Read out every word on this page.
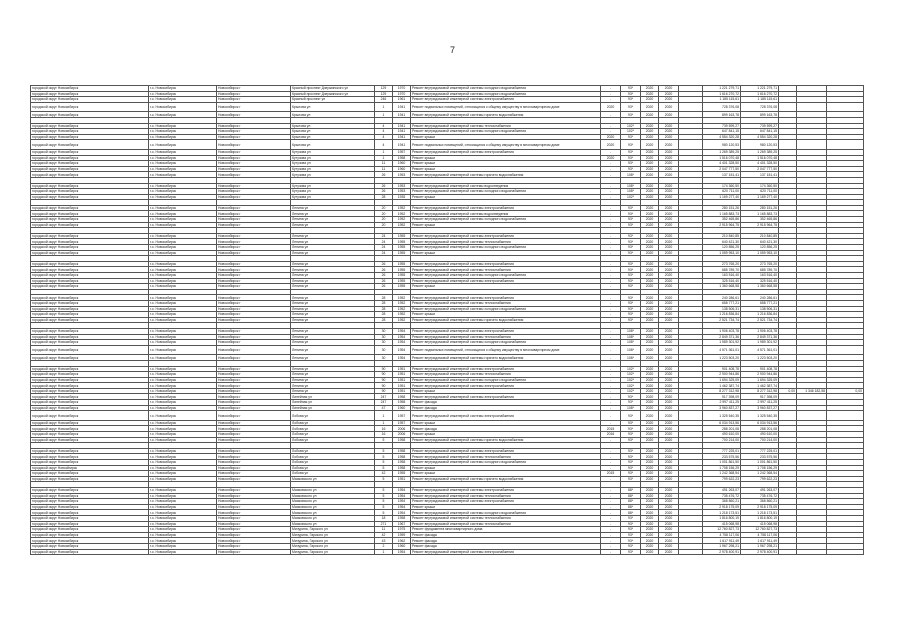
7
городской округ Новосибирск	г.о. Новосибирск	Новосибирск г	Красный проспект Дзержинского ул	129	1970	Ремонт внутридомовой инженерной системы холодного водоснабжения	-	93*	2020	2020		1 221 279,71	1 221 279,71			
городской округ Новосибирск	г.о. Новосибирск	Новосибирск г	Красный проспект Дзержинского ул	129	1970	Ремонт внутридомовой инженерной системы холодного водоснабжения	-	93*	2020	2020		1 616 270,72	1 616 270,72			
городской округ Новосибирск	г.о. Новосибирск	Новосибирск г	Красный проспект ул	246	1961	Ремонт внутридомовой инженерной системы электроснабжения	-	93*	2020	2020		1 185 115,61	1 185 115,61			
городской округ Новосибирск	г.о. Новосибирск	Новосибирск г	Крылова ул	1	1941	Ремонт подвальных помещений, относящихся к общему имуществу в многоквартирном доме	2020	93*	2020	2020		728 376,08	728 376,08			
городской округ Новосибирск	г.о. Новосибирск	Новосибирск г	Крылова ул	1	1941	Ремонт внутридомовой инженерной системы горячего водоснабжения	-	93*	2020	2020		899 163,78	899 163,78			

городской округ Новосибирск	г.о. Новосибирск	Новосибирск г	Крылова ул	4	1941	Ремонт внутридомовой инженерной системы теплоснабжения	-	102*	2020	2020		739 599,27	739 599,27			
городской округ Новосибирск	г.о. Новосибирск	Новосибирск г	Крылова ул	4	1941	Ремонт внутридомовой инженерной системы холодного водоснабжения	-	102*	2020	2020		647 841,15	647 841,15			
городской округ Новосибирск	г.о. Новосибирск	Новосибирск г	Крылова ул	4	1941	Ремонт крыши	2020	93*	2020	2020		4 554 320,28	4 554 320,28			
городской округ Новосибирск	г.о. Новосибирск	Новосибирск г	Крылова ул	4	1941	Ремонт подвальных помещений, относящихся к общему имуществу в многоквартирном доме	2020	93*	2020	2020		980 120,53	980 120,53			
городской округ Новосибирск	г.о. Новосибирск	Новосибирск г	Кутузова ул	1	1957	Ремонт внутридомовой инженерной системы электроснабжения	-	93*	2020	2020		1 269 389,25	1 269 389,25			
городской округ Новосибирск	г.о. Новосибирск	Новосибирск г	Кутузова ул	1	1958	Ремонт крыши	2020	93*	2020	2020		1 516 070,48	1 516 070,48			
городской округ Новосибирск	г.о. Новосибирск	Новосибирск г	Кутузова ул	11	1960	Ремонт крыши	-	93*	2020	2020		4 401 328,50	4 401 328,50			
городской округ Новосибирск	г.о. Новосибирск	Новосибирск г	Кутузова ул	11	1960	Ремонт крыши	-	93*	2020	2020		2 047 777,50	2 047 777,50			
городской округ Новосибирск	г.о. Новосибирск	Новосибирск г	Кутузова ул	26	1953	Ремонт внутридомовой инженерной системы горячего водоснабжения	-	108*	2020	2020		137 151,41	137 151,41			

городской округ Новосибирск	г.о. Новосибирск	Новосибирск г	Кутузова ул	26	1953	Ремонт внутридомовой инженерной системы водоотведения	-	108*	2020	2020		174 360,50	174 360,50			
городской округ Новосибирск	г.о. Новосибирск	Новосибирск г	Кутузова ул	26	1953	Ремонт внутридомовой инженерной системы холодного водоснабжения	-	108*	2020	2020		620 711,00	620 711,00			
городской округ Новосибирск	г.о. Новосибирск	Новосибирск г	Кутузова ул	28	1935	Ремонт крыши	-	102*	2020	2020		1 169 277,40	1 169 277,40			

городской округ Новосибирск	г.о. Новосибирск	Новосибирск г	Ленина ул	20	1952	Ремонт внутридомовой инженерной системы электроснабжения	-	93*	2020	2020		280 151,26	280 151,26			
городской округ Новосибирск	г.о. Новосибирск	Новосибирск г	Ленина ул	20	1952	Ремонт внутридомовой инженерной системы водоотведения	-	93*	2020	2020		1 165 883,73	1 165 883,73			
городской округ Новосибирск	г.о. Новосибирск	Новосибирск г	Ленина ул	20	1952	Ремонт внутридомовой инженерной системы холодного водоснабжения	-	93*	2020	2020		352 465,86	352 465,86			
городской округ Новосибирск	г.о. Новосибирск	Новосибирск г	Ленина ул	20	1952	Ремонт крыши	-	93*	2020	2020		2 915 964,75	2 915 964,75			

городской округ Новосибирск	г.о. Новосибирск	Новосибирск г	Ленина ул	24	1955	Ремонт внутридомовой инженерной системы электроснабжения	-	93*	2020	2020		210 840,85	210 840,85			
городской округ Новосибирск	г.о. Новосибирск	Новосибирск г	Ленина ул	24	1955	Ремонт внутридомовой инженерной системы теплоснабжения	-	93*	2020	2020		640 421,30	640 421,30			
городской округ Новосибирск	г.о. Новосибирск	Новосибирск г	Ленина ул	24	1955	Ремонт внутридомовой инженерной системы холодного водоснабжения	-	93*	2020	2020		120 856,25	120 856,25			
городской округ Новосибирск	г.о. Новосибирск	Новосибирск г	Ленина ул	24	1955	Ремонт крыши	-	93*	2020	2020		1 059 953,10	1 059 953,10			

городской округ Новосибирск	г.о. Новосибирск	Новосибирск г	Ленина ул	26	1955	Ремонт внутридомовой инженерной системы электроснабжения	-	93*	2020	2020		273 765,20	273 765,20			
городской округ Новосибирск	г.о. Новосибирск	Новосибирск г	Ленина ул	26	1955	Ремонт внутридомовой инженерной системы теплоснабжения	-	93*	2020	2020		685 789,70	685 789,70			
городской округ Новосибирск	г.о. Новосибирск	Новосибирск г	Ленина ул	26	1955	Ремонт внутридомовой инженерной системы холодного водоснабжения	-	93*	2020	2020		163 516,40	163 516,40			
городской округ Новосибирск	г.о. Новосибирск	Новосибирск г	Ленина ул	26	1955	Ремонт внутридомовой инженерной системы электроснабжения	-	93*	2020	2020		325 516,40	325 516,40			
городской округ Новосибирск	г.о. Новосибирск	Новосибирск г	Ленина ул	26	1955	Ремонт крыши	-	93*	2020	2020		1 360 668,58	1 360 668,58			

городской округ Новосибирск	г.о. Новосибирск	Новосибирск г	Ленина ул	28	1952	Ремонт внутридомовой инженерной системы электроснабжения	-	93*	2020	2020		240 286,61	240 286,61			
городской округ Новосибирск	г.о. Новосибирск	Новосибирск г	Ленина ул	28	1952	Ремонт внутридомовой инженерной системы теплоснабжения	-	93*	2020	2020		658 777,21	658 777,21			
городской округ Новосибирск	г.о. Новосибирск	Новосибирск г	Ленина ул	28	1952	Ремонт внутридомовой инженерной системы холодного водоснабжения	-	93*	2020	2020		138 506,31	138 506,31			
городской округ Новосибирск	г.о. Новосибирск	Новосибирск г	Ленина ул	28	1952	Ремонт крыши	-	93*	2020	2020		1 216 836,84	1 216 836,84			
городской округ Новосибирск	г.о. Новосибирск	Новосибирск г	Ленина ул	28	1952	Ремонт внутридомовой инженерной системы горячего водоснабжения	-	93*	2020	2020		2 521 734,74	2 521 734,74			

городской округ Новосибирск	г.о. Новосибирск	Новосибирск г	Ленина ул	30	1954	Ремонт внутридомовой инженерной системы электроснабжения	-	108*	2020	2020		1 906 403,78	1 906 403,78			
городской округ Новосибирск	г.о. Новосибирск	Новосибирск г	Ленина ул	30	1954	Ремонт внутридомовой инженерной системы теплоснабжения	-	108*	2020	2020		2 849 371,36	2 849 371,36			
городской округ Новосибирск	г.о. Новосибирск	Новосибирск г	Ленина ул	30	1954	Ремонт внутридомовой инженерной системы холодного водоснабжения	-	108*	2020	2020		1 989 301,92	1 989 301,92			
городской округ Новосибирск	г.о. Новосибирск	Новосибирск г	Ленина ул	30	1954	Ремонт подвальных помещений, относящихся к общему имуществу в многоквартирном доме	-	108*	2020	2020		4 571 361,01	4 571 361,01			
городской округ Новосибирск	г.о. Новосибирск	Новосибирск г	Ленина ул	30	1954	Ремонт внутридомовой инженерной системы горячего водоснабжения	-	108*	2020	2020		1 223 503,20	1 223 503,20			

городской округ Новосибирск	г.о. Новосибирск	Новосибирск г	Ленина ул	90	1951	Ремонт внутридомовой инженерной системы электроснабжения	-	102*	2020	2020		901 408,78	901 408,78			
городской округ Новосибирск	г.о. Новосибирск	Новосибирск г	Ленина ул	90	1951	Ремонт внутридомовой инженерной системы теплоснабжения	-	102*	2020	2020		2 900 944,86	2 900 944,86			
городской округ Новосибирск	г.о. Новосибирск	Новосибирск г	Ленина ул	90	1951	Ремонт внутридомовой инженерной системы холодного водоснабжения	-	102*	2020	2020		1 694 325,09	1 694 325,09			
городской округ Новосибирск	г.о. Новосибирск	Новосибирск г	Ленина ул	90	1951	Ремонт внутридомовой инженерной системы электроснабжения	-	102*	2020	2020		1 462 387,74	1 462 387,74			
городской округ Новосибирск	г.о. Новосибирск	Новосибирск г	Ленина ул	90	1951	Ремонт крыши	-	102*	2020	2020		8 277 312,98	8 277 312,98	0,00	1 346 182,58	0,00
городской округ Новосибирск	г.о. Новосибирск	Новосибирск г	Линейная ул	247	1958	Ремонт внутридомовой инженерной системы электроснабжения	-	93*	2020	2020		917 398,09	917 398,09			
городской округ Новосибирск	г.о. Новосибирск	Новосибирск г	Линейная ул	247	1958	Ремонт фасада	-	93*	2020	2020		2 997 411,25	2 997 411,25			
городской округ Новосибирск	г.о. Новосибирск	Новосибирск г	Линейная ул	47	1960	Ремонт фасада	-	108*	2020	2020		3 960 837,27	3 960 837,27			
городской округ Новосибирск	г.о. Новосибирск	Новосибирск г	Лобова ул	1	1957	Ремонт внутридомовой инженерной системы электроснабжения	-	93*	2020	2020		1 325 540,35	1 325 540,35			
городской округ Новосибирск	г.о. Новосибирск	Новосибирск г	Лобова ул	1	1957	Ремонт крыши	-	93*	2020	2020		6 034 913,56	6 034 913,56			
городской округ Новосибирск	г.о. Новосибирск	Новосибирск г	Лобова ул	16	2006	Ремонт фасада	2015	93*	2020	2020		288 201,08	288 201,08			
городской округ Новосибирск	г.о. Новосибирск	Новосибирск г	Лобова ул	16	2006	Ремонт крыши	2016	93*	2020	2020		490 610,00	490 610,00			
городской округ Новосибирск	г.о. Новосибирск	Новосибирск г	Лобова ул	5	1958	Ремонт внутридомовой инженерной системы горячего водоснабжения	-	93*	2020	2020		700 214,00	700 214,00			

городской округ Новосибирск	г.о. Новосибирск	Новосибирск г	Лобова ул	5	1958	Ремонт внутридомовой инженерной системы электроснабжения	-	93*	2020	2020		777 225,01	777 225,01			
городской округ Новосибирск	г.о. Новосибирск	Новосибирск г	Лобова ул	5	1958	Ремонт внутридомовой инженерной системы теплоснабжения	-	93*	2020	2020		233 575,56	233 575,56			
городской округ Новосибирск	г.о. Новосибирск	Новосибирск г	Лобова ул	5	1958	Ремонт внутридомовой инженерной системы холодного водоснабжения	-	93*	2020	2020		1 001 861,50	1 001 861,50			
городской округ Новосibирск	г.о. Новосибирск	Новосибирск г	Лобова ул	5	1958	Ремонт крыши	-	93*	2020	2020		1 708 156,29	1 708 156,29			
городской округ Новосибирск	г.о. Новосибирск	Новосибирск г	Лобова ул	42	1955	Ремонт крыши	2015	93*	2020	2020		1 242 368,54	1 242 368,54			
городской округ Новосибирск	г.о. Новосибирск	Новосибирск г	Маяковского ул	5	1951	Ремонт внутридомовой инженерной системы горячего водоснабжения	-	93*	2020	2020		799 622,23	799 622,23			

городской округ Новосибирск	г.о. Новосибирск	Новосибирск г	Маяковского ул	5	1954	Ремонт внутридомовой инженерной системы электроснабжения	-	88*	2020	2020		491 263,07	491 263,07			
городской округ Новосибирск	г.о. Новосибирск	Новосибирск г	Маяковского ул	5	1954	Ремонт внутридомовой инженерной системы теплоснабжения	-	88*	2020	2020		735 476,72	735 476,72			
городской округ Новосибирск	г.о. Новосибирск	Новосибирск г	Маяковского ул	5	1954	Ремонт внутридомовой инженерной системы электроснабжения	-	88*	2020	2020		368 860,21	368 860,21			
городской округ Новосибирск	г.о. Новосибирск	Новосибирск г	Маяковского ул	5	1954	Ремонт крыши	-	88*	2020	2020		2 918 175,09	2 918 175,09			
городской округ Новосибирск	г.о. Новосибирск	Новосибирск г	Маяковского ул	5	1954	Ремонт внутридомовой инженерной системы холодного водоснабжения	-	88*	2020	2020		1 218 173,51	1 218 173,51			
городской округ Новосибирск	г.о. Новосибирск	Новосибирск г	Маяковского ул	18	1958	Ремонт внутридомовой инженерной системы теплоснабжения	-	93*	2020	2020		1 816 800,19	1 816 800,19			
городской округ Новосибирск	г.о. Новосибирск	Новосибирск г	Маяковского ул	271	1967	Ремонт внутридомовой инженерной системы теплоснабжения	-	93*	2020	2020		415 068,98	415 068,98			
городской округ Новосибирск	г.о. Новосибирск	Новосибирск г	Мичурина, Гарского ул	11	1975	Ремонт фундамента многоквартирного дома	-	93*	2020	2020		12 760 827,73	12 760 827,73			
городской округ Новосибирск	г.о. Новосибирск	Новосибирск г	Мичурина, Гарского ул	42	1959	Ремонт фасада	-	93*	2020	2020		4 758 117,06	4 758 117,06			
городской округ Новосибирск	г.о. Новосибирск	Новосибирск г	Мичурина, Гарского ул	43	1962	Ремонт фасада	-	93*	2020	2020		1 617 911,49	1 617 911,49			
городской округ Новосибирск	г.о. Новосибирск	Новосибирск г	Мичурина, Гарского ул	2	1960	Ремонт фасада	-	93*	2020	2020		1 967 298,21	1 967 298,21			
городской округ Новосибирск	г.о. Новосибирск	Новосибирск г	Мичурина, Гарского ул	1	1954	Ремонт внутридомовой инженерной системы электроснабжения	-	93*	2020	2020		2 978 400,91	2 978 400,91			
